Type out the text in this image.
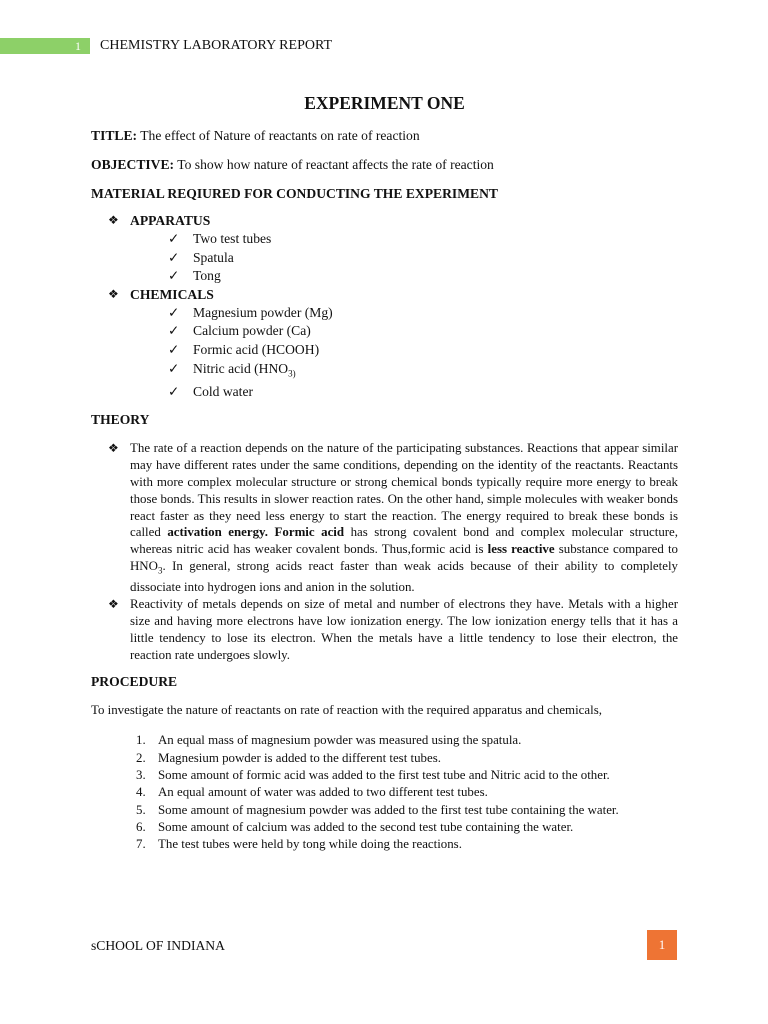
1	CHEMISTRY LABORATORY REPORT
EXPERIMENT ONE
TITLE: The effect of Nature of reactants on rate of reaction
OBJECTIVE: To show how nature of reactant affects the rate of reaction
MATERIAL REQIURED FOR CONDUCTING THE EXPERIMENT
❖ APPARATUS
✓ Two test tubes
✓ Spatula
✓ Tong
❖ CHEMICALS
✓ Magnesium powder (Mg)
✓ Calcium powder (Ca)
✓ Formic acid (HCOOH)
✓ Nitric acid ($HNO_{3)}$
✓ Cold water
THEORY
❖ The rate of a reaction depends on the nature of the participating substances. Reactions that appear similar may have different rates under the same conditions, depending on the identity of the reactants. Reactants with more complex molecular structure or strong chemical bonds typically require more energy to break those bonds. This results in slower reaction rates. On the other hand, simple molecules with weaker bonds react faster as they need less energy to start the reaction. The energy required to break these bonds is called activation energy. Formic acid has strong covalent bond and complex molecular structure, whereas nitric acid has weaker covalent bonds. Thus,formic acid is less reactive substance compared to $HNO_3$. In general, strong acids react faster than weak acids because of their ability to completely dissociate into hydrogen ions and anion in the solution.
❖ Reactivity of metals depends on size of metal and number of electrons they have. Metals with a higher size and having more electrons have low ionization energy. The low ionization energy tells that it has a little tendency to lose its electron. When the metals have a little tendency to lose their electron, the reaction rate undergoes slowly.
PROCEDURE
To investigate the nature of reactants on rate of reaction with the required apparatus and chemicals,
1. An equal mass of magnesium powder was measured using the spatula.
2. Magnesium powder is added to the different test tubes.
3. Some amount of formic acid was added to the first test tube and Nitric acid to the other.
4. An equal amount of water was added to two different test tubes.
5. Some amount of magnesium powder was added to the first test tube containing the water.
6. Some amount of calcium was added to the second test tube containing the water.
7. The test tubes were held by tong while doing the reactions.
sCHOOL OF INDIANA	1
